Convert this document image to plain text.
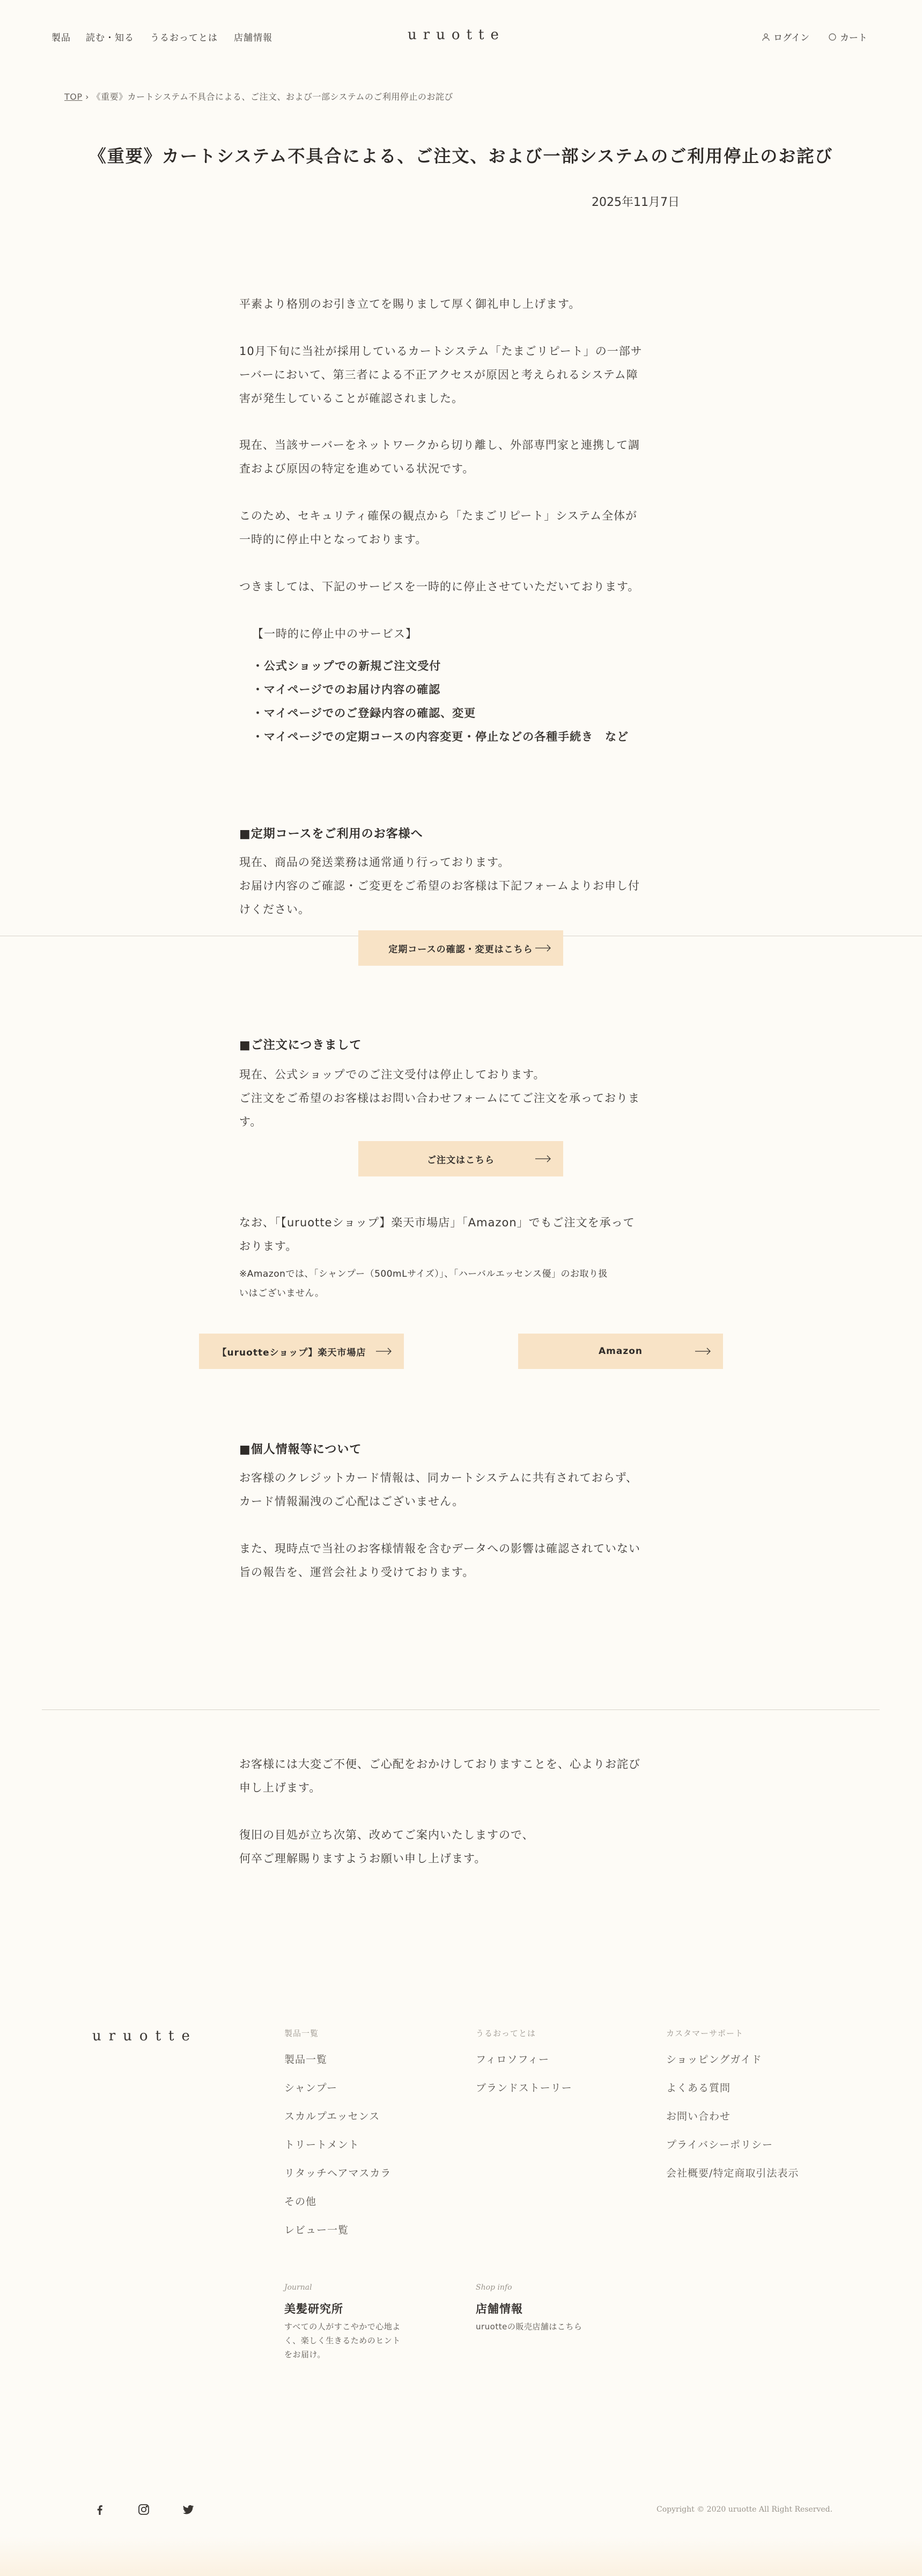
製品 読む・知る うるおってとは 店舗情報	uruotte	ログイン	カート
TOP › 《重要》カートシステム不具合による、ご注文、および一部システムのご利用停止のお詫び
《重要》カートシステム不具合による、ご注文、および一部システムのご利用停止のお詫び
2025年11月7日
平素より格別のお引き立てを賜りまして厚く御礼申し上げます。
10月下旬に当社が採用しているカートシステム「たまごリピート」の一部サ
ーバーにおいて、第三者による不正アクセスが原因と考えられるシステム障
害が発生していることが確認されました。
現在、当該サーバーをネットワークから切り離し、外部専門家と連携して調
査および原因の特定を進めている状況です。
このため、セキュリティ確保の観点から「たまごリピート」システム全体が
一時的に停止中となっております。
つきましては、下記のサービスを一時的に停止させていただいております。
【一時的に停止中のサービス】
・公式ショップでの新規ご注文受付
・マイページでのお届け内容の確認
・マイページでのご登録内容の確認、変更
・マイページでの定期コースの内容変更・停止などの各種手続き　など
■定期コースをご利用のお客様へ
現在、商品の発送業務は通常通り行っております。
お届け内容のご確認・ご変更をご希望のお客様は下記フォームよりお申し付
けください。
定期コースの確認・変更はこちら
■ご注文につきまして
現在、公式ショップでのご注文受付は停止しております。
ご注文をご希望のお客様はお問い合わせフォームにてご注文を承っておりま
す。
ご注文はこちら
なお、「【uruotteショップ】楽天市場店」「Amazon」でもご注文を承って
おります。
※Amazonでは、「シャンプー（500mLサイズ）」、「ハーバルエッセンス優」のお取り扱
いはございません。
【uruotteショップ】楽天市場店	Amazon
■個人情報等について
お客様のクレジットカード情報は、同カートシステムに共有されておらず、
カード情報漏洩のご心配はございません。
また、現時点で当社のお客様情報を含むデータへの影響は確認されていない
旨の報告を、運営会社より受けております。
お客様には大変ご不便、ご心配をおかけしておりますことを、心よりお詫び
申し上げます。
復旧の目処が立ち次第、改めてご案内いたしますので、
何卒ご理解賜りますようお願い申し上げます。
uruotte	製品一覧
製品一覧
シャンプー
スカルプエッセンス
トリートメント
リタッチヘアマスカラ
その他
レビュー一覧
うるおってとは
フィロソフィー
ブランドストーリー
カスタマーサポート
ショッピングガイド
よくある質問
お問い合わせ
プライバシーポリシー
会社概要/特定商取引法表示
Journal
美髪研究所
すべての人がすこやかで心地よ
く、楽しく生きるためのヒント
をお届け。
Shop info
店舗情報
uruotteの販売店舗はこちら
Copyright © 2020 uruotte All Right Reserved.
